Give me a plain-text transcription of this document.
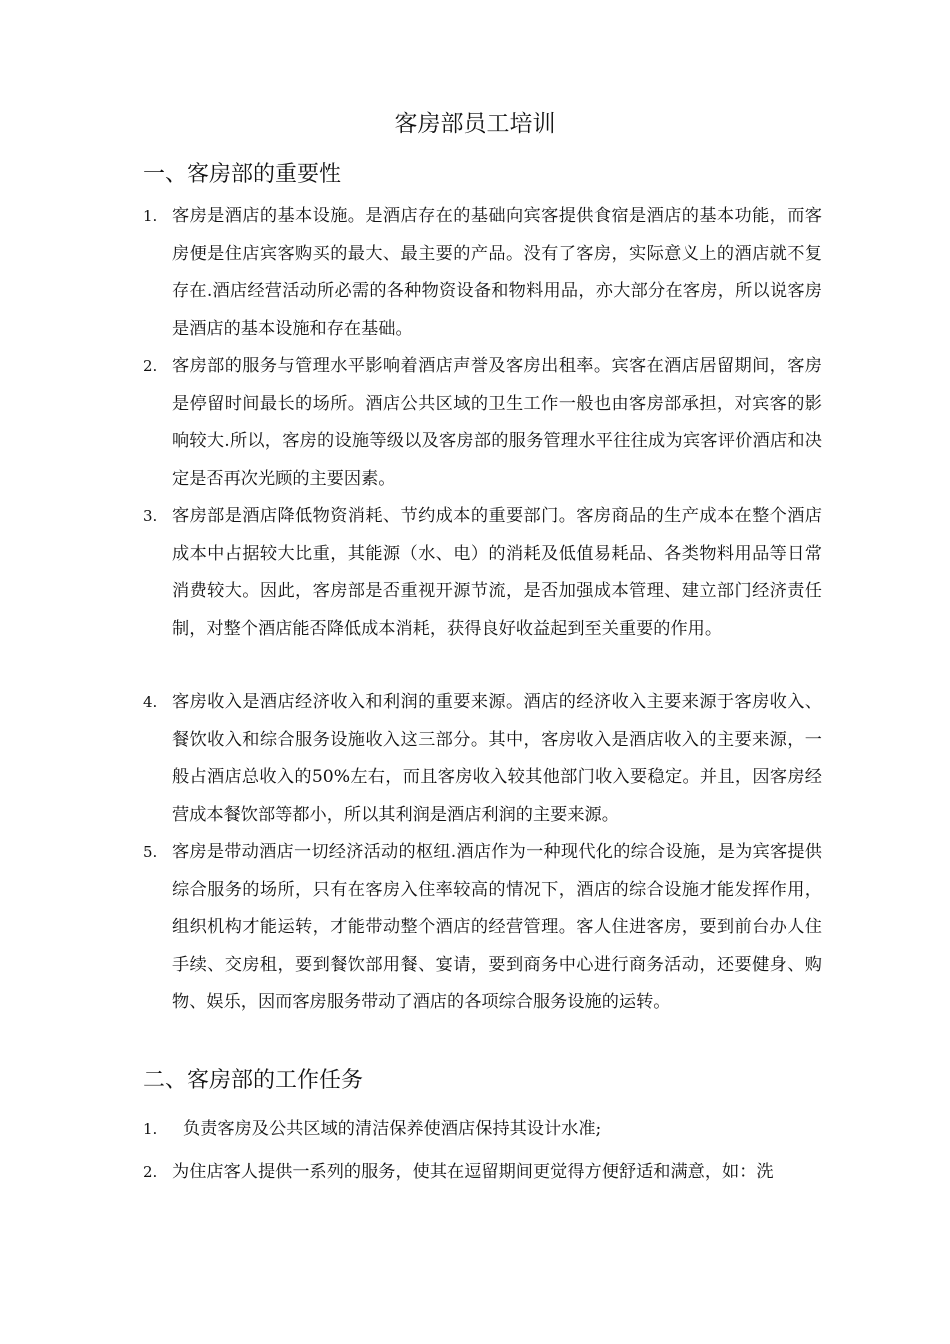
客房部员工培训
一、客房部的重要性
1. 客房是酒店的基本设施。是酒店存在的基础向宾客提供食宿是酒店的基本功能，而客房便是住店宾客购买的最大、最主要的产品。没有了客房，实际意义上的酒店就不复存在.酒店经营活动所必需的各种物资设备和物料用品，亦大部分在客房，所以说客房是酒店的基本设施和存在基础。
2. 客房部的服务与管理水平影响着酒店声誉及客房出租率。宾客在酒店居留期间，客房是停留时间最长的场所。酒店公共区域的卫生工作一般也由客房部承担，对宾客的影响较大.所以，客房的设施等级以及客房部的服务管理水平往往成为宾客评价酒店和决定是否再次光顾的主要因素。
3. 客房部是酒店降低物资消耗、节约成本的重要部门。客房商品的生产成本在整个酒店成本中占据较大比重，其能源（水、电）的消耗及低值易耗品、各类物料用品等日常消费较大。因此，客房部是否重视开源节流，是否加强成本管理、建立部门经济责任制，对整个酒店能否降低成本消耗，获得良好收益起到至关重要的作用。
4. 客房收入是酒店经济收入和利润的重要来源。酒店的经济收入主要来源于客房收入、餐饮收入和综合服务设施收入这三部分。其中，客房收入是酒店收入的主要来源，一般占酒店总收入的50%左右，而且客房收入较其他部门收入要稳定。并且，因客房经营成本餐饮部等都小，所以其利润是酒店利润的主要来源。
5. 客房是带动酒店一切经济活动的枢纽.酒店作为一种现代化的综合设施，是为宾客提供综合服务的场所，只有在客房入住率较高的情况下，酒店的综合设施才能发挥作用，组织机构才能运转，才能带动整个酒店的经营管理。客人住进客房，要到前台办人住手续、交房租，要到餐饮部用餐、宴请，要到商务中心进行商务活动，还要健身、购物、娱乐，因而客房服务带动了酒店的各项综合服务设施的运转。
二、客房部的工作任务
1.	负责客房及公共区域的清洁保养使酒店保持其设计水准;
2. 为住店客人提供一系列的服务，使其在逗留期间更觉得方便舒适和满意，如：洗
